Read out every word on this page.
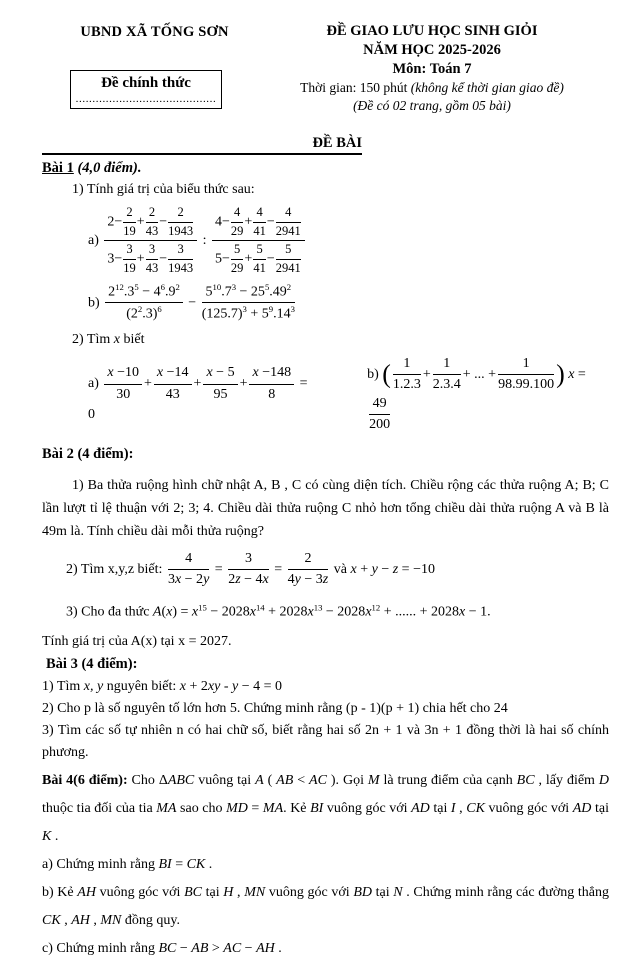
UBND XÃ TỐNG SƠN
Đề chính thức
..........................................
ĐỀ GIAO LƯU HỌC SINH GIỎI
NĂM HỌC 2025-2026
Môn: Toán 7
Thời gian: 150 phút (không kể thời gian giao đề)
(Đề có 02 trang, gồm 05 bài)
ĐỀ BÀI
Bài 1 (4,0 điểm).
1) Tính giá trị của biểu thức sau:
$a) \frac{2- \frac{2}{19} + \frac{2}{43} - \frac{2}{1943}}{3- \frac{3}{19} + \frac{3}{43} - \frac{3}{1943}}$ : $\frac{4- \frac{4}{29} + \frac{4}{41} - \frac{4}{2941}}{5- \frac{5}{29} + \frac{5}{41} - \frac{5}{2941}}$
$b) \frac{2^{12}.3^5 - 4^6.9^2}{(2^2.3)^6} - \frac{5^{10}.7^3 - 25^5.49^2}{(125.7)^3 + 5^9.14^3}$
2) Tìm x biết
$a) \frac{x -10}{30} + \frac{x -14}{43} + \frac{x - 5}{95} + \frac{x -148}{8} = 0$
b) ( $\frac{1}{1.2.3} + \frac{1}{2.3.4}$ + ... + $\frac{1}{98.99.100}$ ) x =
$\frac{49}{200}$
Bài 2 (4 điểm):
1) Ba thửa ruộng hình chữ nhật A, B , C có cùng diện tích. Chiều rộng các thửa ruộng A; B; C lần lượt tỉ lệ thuận với 2; 3; 4. Chiều dài thửa ruộng C nhỏ hơn tổng chiều dài thửa ruộng A và B là 49m là. Tính chiều dài mỗi thửa ruộng?
2) Tìm x,y,z biết: $\frac{4}{3x - 2y} = \frac{3}{2z - 4x} = \frac{2}{4y - 3z}$ và x + y − z = −10
3) Cho đa thức $A(x) = x^{15} - 2028x^{14} + 2028x^{13} - 2028x^{12}$ + ...... + 2028x − 1.
Tính giá trị của A(x) tại x = 2027.
Bài 3 (4 điểm):
1) Tìm x, y nguyên biết: x + 2xy - y − 4 = 0
2) Cho p là số nguyên tố lớn hơn 5. Chứng minh rằng (p - 1)(p + 1) chia hết cho 24
3) Tìm các số tự nhiên n có hai chữ số, biết rằng hai số 2n + 1 và 3n + 1 đồng thời là hai số chính phương.
Bài 4(6 điểm): Cho ΔABC vuông tại A ( AB < AC ). Gọi M là trung điểm của cạnh BC , lấy điểm D thuộc tia đối của tia MA sao cho MD = MA. Kẻ BI vuông góc với AD tại I , CK vuông góc với AD tại K .
a) Chứng minh rằng BI = CK .
b) Kẻ AH vuông góc với BC tại H , MN vuông góc với BD tại N . Chứng minh rằng các đường thẳng CK , AH , MN đồng quy.
c) Chứng minh rằng BC − AB > AC − AH .
